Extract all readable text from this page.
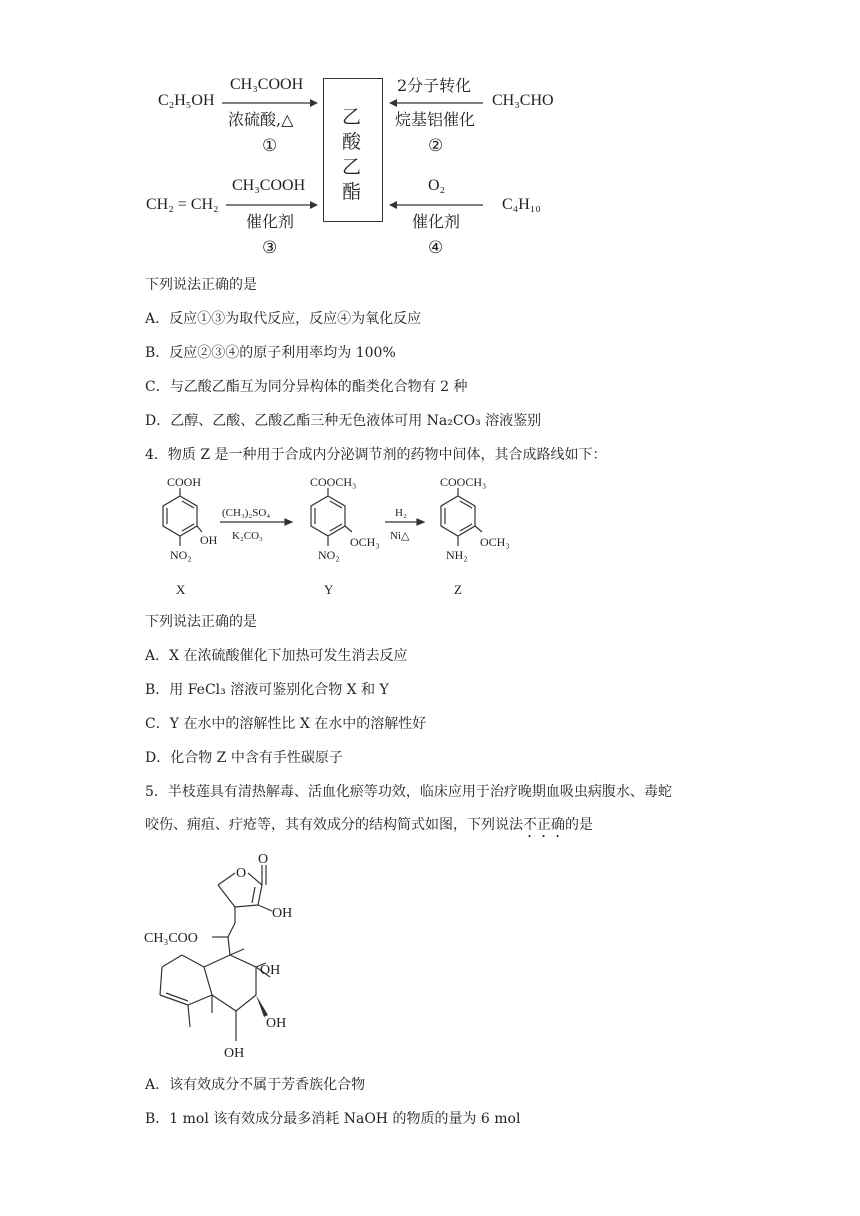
C₂H₅OH
CH₃COOH
浓硫酸,△
①
乙
酸
乙
酯
2分子转化
烷基铝催化
②
CH₃CHO
CH₂ = CH₂
CH₃COOH
催化剂
③
O₂
催化剂
④
C₄H₁₀
下列说法正确的是
A．反应①③为取代反应，反应④为氧化反应
B．反应②③④的原子利用率均为 100%
C．与乙酸乙酯互为同分异构体的酯类化合物有 2 种
D．乙醇、乙酸、乙酸乙酯三种无色液体可用 Na₂CO₃ 溶液鉴别
4．物质 Z 是一种用于合成内分泌调节剂的药物中间体，其合成路线如下：
COOH
OH
NO₂
X
COOCH₃
OCH₃
NO₂
Y
COOCH₃
OCH₃
NH₂
Z
(CH₃)₂SO₄
K₂CO₃
H₂
Ni△
下列说法正确的是
A．X 在浓硫酸催化下加热可发生消去反应
B．用 FeCl₃ 溶液可鉴别化合物 X 和 Y
C．Y 在水中的溶解性比 X 在水中的溶解性好
D．化合物 Z 中含有手性碳原子
5．半枝莲具有清热解毒、活血化瘀等功效，临床应用于治疗晚期血吸虫病腹水、毒蛇
咬伤、痈疽、疔疮等，其有效成分的结构简式如图，下列说法不正确的是
O
O
OH
CH₃COO
OH
OH
OH
A．该有效成分不属于芳香族化合物
B．1 mol 该有效成分最多消耗 NaOH 的物质的量为 6 mol
